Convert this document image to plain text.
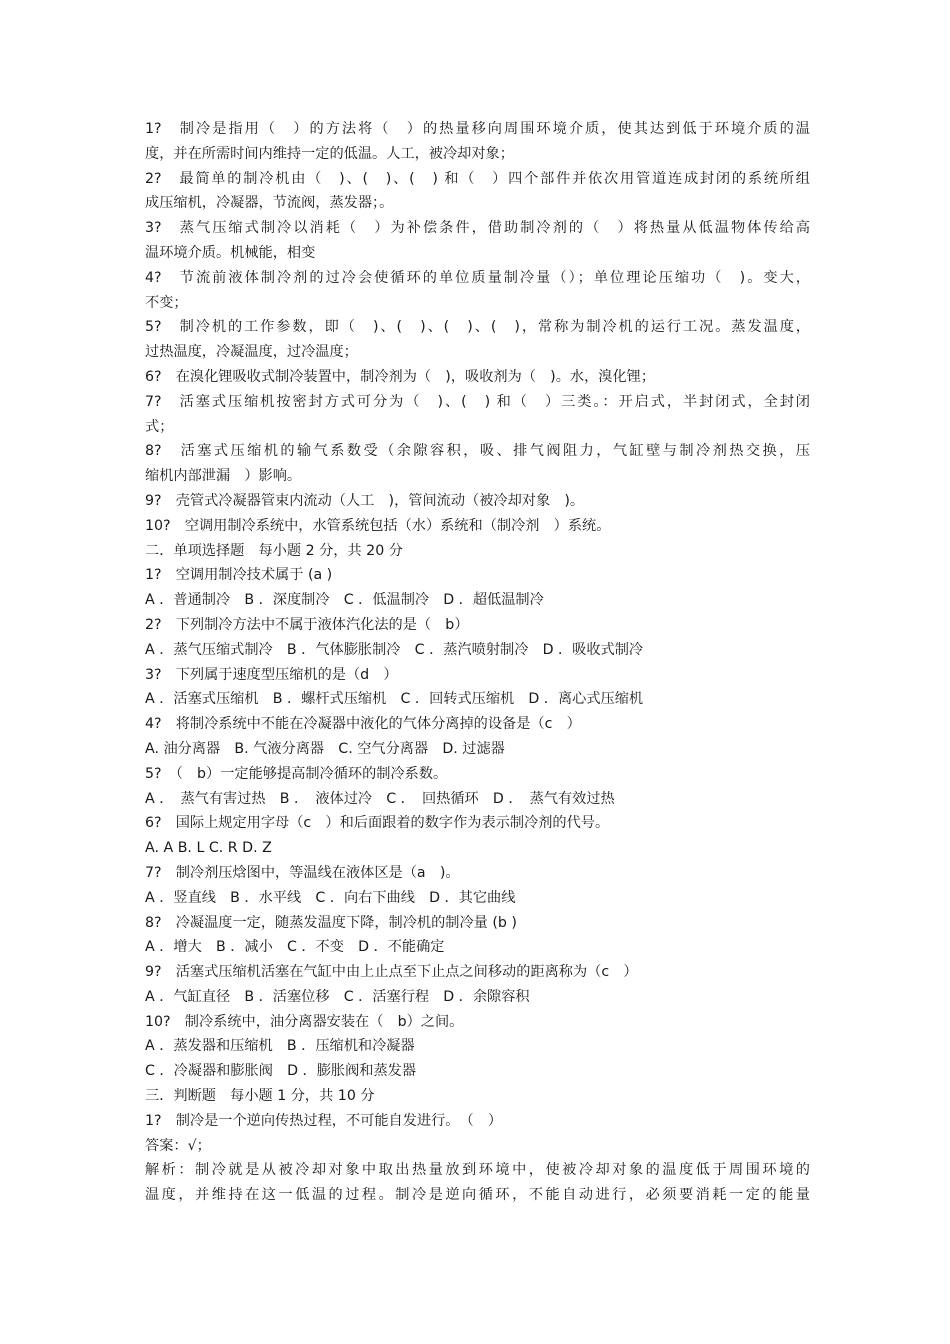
1?　制冷是指用（　）的方法将（　）的热量移向周围环境介质，使其达到低于环境介质的温
度，并在所需时间内维持一定的低温。人工，被冷却对象；
2?　最简单的制冷机由（　)、(　)、(　) 和（　）四个部件并依次用管道连成封闭的系统所组
成压缩机，冷凝器，节流阀，蒸发器；。
3?　蒸气压缩式制冷以消耗（　）为补偿条件，借助制冷剂的（　）将热量从低温物体传给高
温环境介质。机械能，相变
4?　节流前液体制冷剂的过冷会使循环的单位质量制冷量（）；单位理论压缩功（　)。变大，
不变；
5?　制冷机的工作参数，即（　)、(　)、(　)、(　)，常称为制冷机的运行工况。蒸发温度，
过热温度，冷凝温度，过冷温度；
6?　在溴化锂吸收式制冷装置中，制冷剂为（　)，吸收剂为（　)。水，溴化锂；
7?　活塞式压缩机按密封方式可分为（　)、(　) 和（　）三类。：开启式，半封闭式，全封闭
式；
8?　活塞式压缩机的输气系数受（余隙容积，吸、排气阀阻力，气缸壁与制冷剂热交换，压
缩机内部泄漏　）影响。
9?　壳管式冷凝器管束内流动（人工　)，管间流动（被冷却对象　)。
10?　空调用制冷系统中，水管系统包括（水）系统和（制冷剂　）系统。
二．单项选择题　每小题 2 分，共 20 分
1?　空调用制冷技术属于 (a )
A ．普通制冷　B ．深度制冷　C ．低温制冷　D ．超低温制冷
2?　下列制冷方法中不属于液体汽化法的是（　b）
A ．蒸气压缩式制冷　B ．气体膨胀制冷　C ．蒸汽喷射制冷　D ．吸收式制冷
3?　下列属于速度型压缩机的是（d　）
A ．活塞式压缩机　B ．螺杆式压缩机　C ．回转式压缩机　D ．离心式压缩机
4?　将制冷系统中不能在冷凝器中液化的气体分离掉的设备是（c　）
A. 油分离器　B. 气液分离器　C. 空气分离器　D. 过滤器
5?　（　b）一定能够提高制冷循环的制冷系数。
A ．　蒸气有害过热　B ．　液体过冷　C ．　回热循环　D ．　蒸气有效过热
6?　国际上规定用字母（c　）和后面跟着的数字作为表示制冷剂的代号。
A. A B. L C. R D. Z
7?　制冷剂压焓图中，等温线在液体区是（a　)。
A ．竖直线　B ．水平线　C ．向右下曲线　D ．其它曲线
8?　冷凝温度一定，随蒸发温度下降，制冷机的制冷量 (b )
A ．增大　B ．减小　C ．不变　D ．不能确定
9?　活塞式压缩机活塞在气缸中由上止点至下止点之间移动的距离称为（c　）
A ．气缸直径　B ．活塞位移　C ．活塞行程　D ．余隙容积
10?　制冷系统中，油分离器安装在（　b）之间。
A ．蒸发器和压缩机　B ．压缩机和冷凝器
C ．冷凝器和膨胀阀　D ．膨胀阀和蒸发器
三．判断题　每小题 1 分，共 10 分
1?　制冷是一个逆向传热过程，不可能自发进行。　（　）
答案：√；
解析：制冷就是从被冷却对象中取出热量放到环境中，使被冷却对象的温度低于周围环境的
温度，并维持在这一低温的过程。制冷是逆向循环，不能自动进行，必须要消耗一定的能量
